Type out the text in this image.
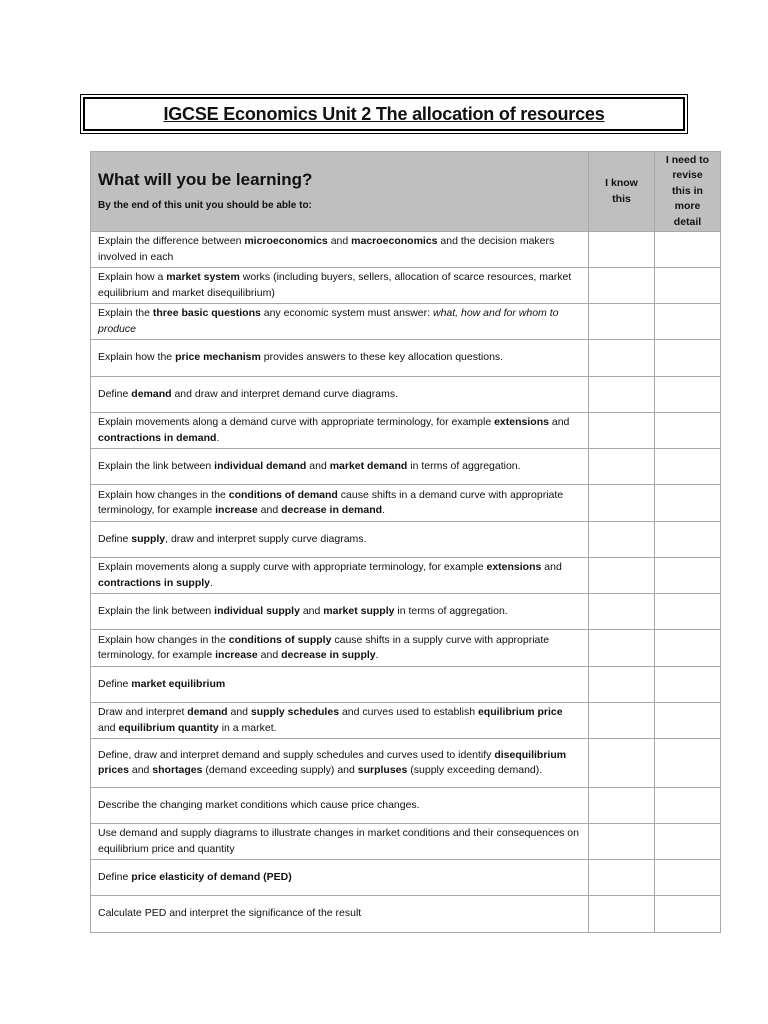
IGCSE Economics Unit 2 The allocation of resources
What will you be learning?
By the end of this unit you should be able to:	I know this	I need to revise this in more detail
Explain the difference between microeconomics and macroeconomics and the decision makers involved in each		
Explain how a market system works (including buyers, sellers, allocation of scarce resources, market equilibrium and market disequilibrium)		
Explain the three basic questions any economic system must answer: what, how and for whom to produce		
Explain how the price mechanism provides answers to these key allocation questions.		
Define demand and draw and interpret demand curve diagrams.		
Explain movements along a demand curve with appropriate terminology, for example extensions and contractions in demand.		
Explain the link between individual demand and market demand in terms of aggregation.		
Explain how changes in the conditions of demand cause shifts in a demand curve with appropriate terminology, for example increase and decrease in demand.		
Define supply, draw and interpret supply curve diagrams.		
Explain movements along a supply curve with appropriate terminology, for example extensions and contractions in supply.		
Explain the link between individual supply and market supply in terms of aggregation.		
Explain how changes in the conditions of supply cause shifts in a supply curve with appropriate terminology, for example increase and decrease in supply.		
Define market equilibrium		
Draw and interpret demand and supply schedules and curves used to establish equilibrium price and equilibrium quantity in a market.		
Define, draw and interpret demand and supply schedules and curves used to identify disequilibrium prices and shortages (demand exceeding supply) and surpluses (supply exceeding demand).		
Describe the changing market conditions which cause price changes.		
Use demand and supply diagrams to illustrate changes in market conditions and their consequences on equilibrium price and quantity		
Define price elasticity of demand (PED)		
Calculate PED and interpret the significance of the result		
